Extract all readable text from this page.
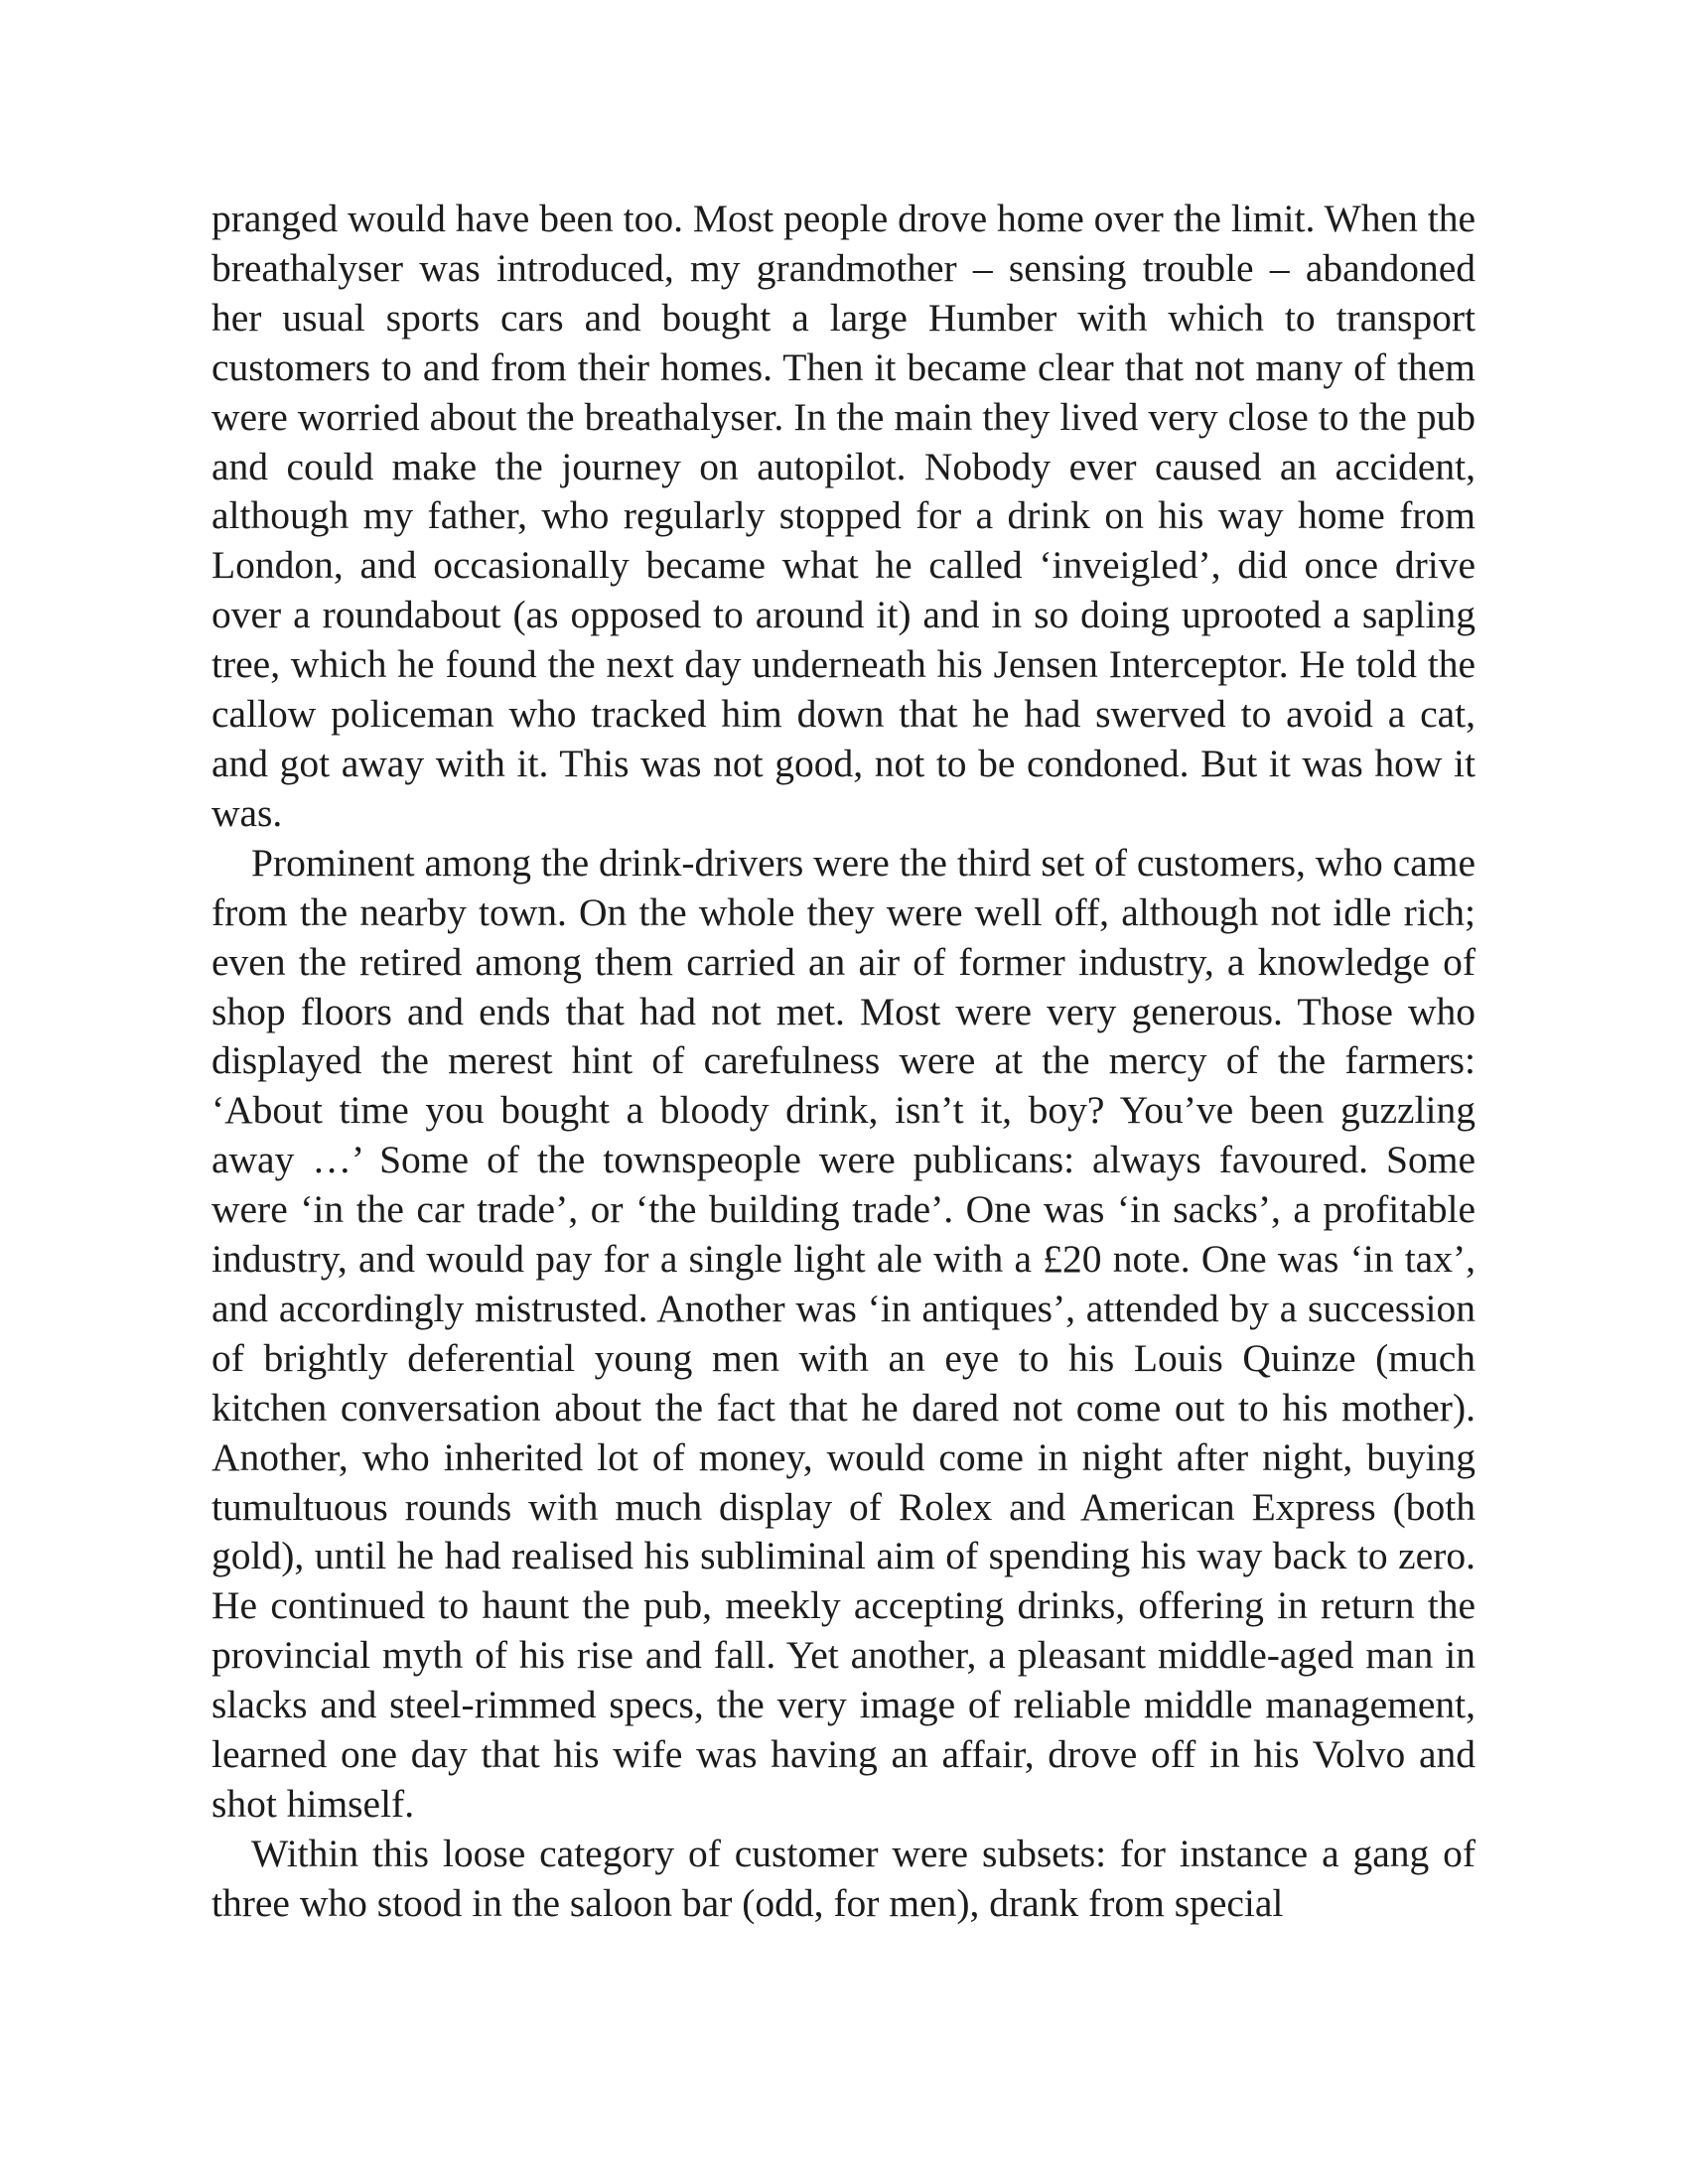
pranged would have been too. Most people drove home over the limit. When the breathalyser was introduced, my grandmother – sensing trouble – abandoned her usual sports cars and bought a large Humber with which to transport customers to and from their homes. Then it became clear that not many of them were worried about the breathalyser. In the main they lived very close to the pub and could make the journey on autopilot. Nobody ever caused an accident, although my father, who regularly stopped for a drink on his way home from London, and occasionally became what he called ‘inveigled’, did once drive over a roundabout (as opposed to around it) and in so doing uprooted a sapling tree, which he found the next day underneath his Jensen Interceptor. He told the callow policeman who tracked him down that he had swerved to avoid a cat, and got away with it. This was not good, not to be condoned. But it was how it was.

Prominent among the drink-drivers were the third set of customers, who came from the nearby town. On the whole they were well off, although not idle rich; even the retired among them carried an air of former industry, a knowledge of shop floors and ends that had not met. Most were very generous. Those who displayed the merest hint of carefulness were at the mercy of the farmers: ‘About time you bought a bloody drink, isn’t it, boy? You’ve been guzzling away …’ Some of the townspeople were publicans: always favoured. Some were ‘in the car trade’, or ‘the building trade’. One was ‘in sacks’, a profitable industry, and would pay for a single light ale with a £20 note. One was ‘in tax’, and accordingly mistrusted. Another was ‘in antiques’, attended by a succession of brightly deferential young men with an eye to his Louis Quinze (much kitchen conversation about the fact that he dared not come out to his mother). Another, who inherited lot of money, would come in night after night, buying tumultuous rounds with much display of Rolex and American Express (both gold), until he had realised his subliminal aim of spending his way back to zero. He continued to haunt the pub, meekly accepting drinks, offering in return the provincial myth of his rise and fall. Yet another, a pleasant middle-aged man in slacks and steel-rimmed specs, the very image of reliable middle management, learned one day that his wife was having an affair, drove off in his Volvo and shot himself.

Within this loose category of customer were subsets: for instance a gang of three who stood in the saloon bar (odd, for men), drank from special
